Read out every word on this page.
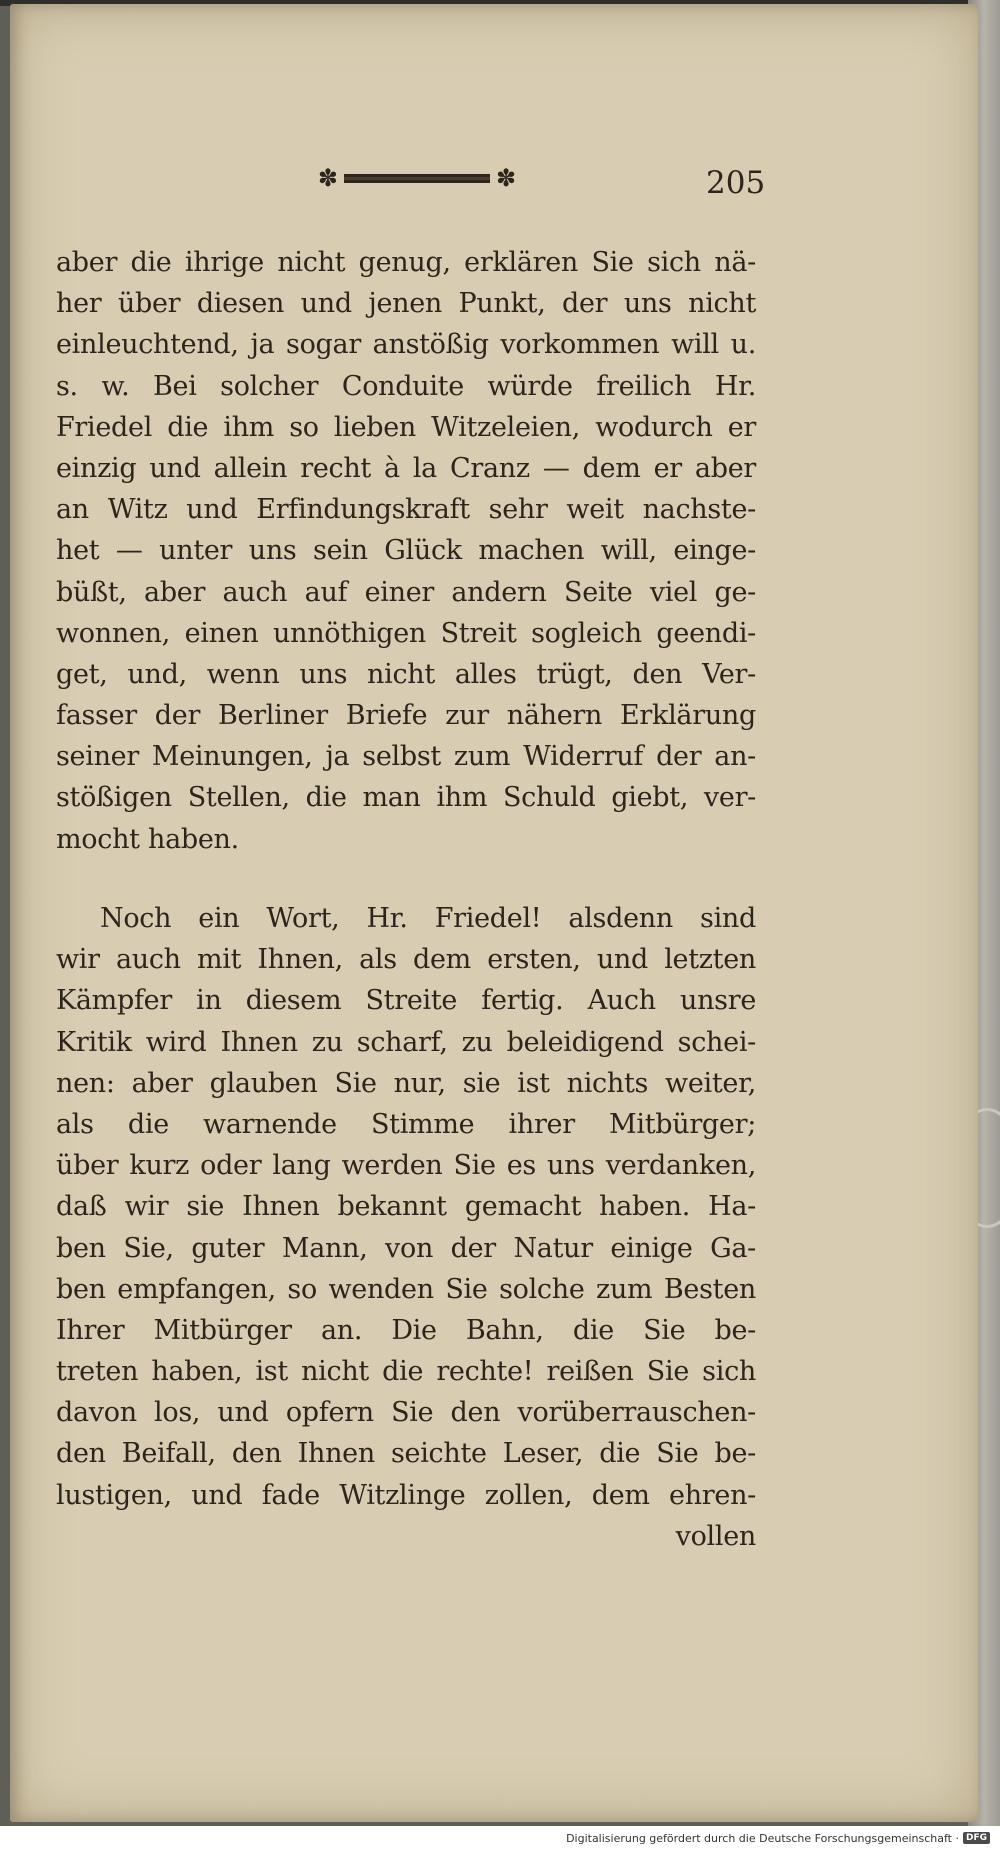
✽	✽	205
aber die ihrige nicht genug, erklären Sie sich nä-
her über diesen und jenen Punkt, der uns nicht
einleuchtend, ja sogar anstößig vorkommen will u.
s. w. Bei solcher Conduite würde freilich Hr.
Friedel die ihm so lieben Witzeleien, wodurch er
einzig und allein recht à la Cranz — dem er aber
an Witz und Erfindungskraft sehr weit nachste-
het — unter uns sein Glück machen will, einge-
büßt, aber auch auf einer andern Seite viel ge-
wonnen, einen unnöthigen Streit sogleich geendi-
get, und, wenn uns nicht alles trügt, den Ver-
fasser der Berliner Briefe zur nähern Erklärung
seiner Meinungen, ja selbst zum Widerruf der an-
stößigen Stellen, die man ihm Schuld giebt, ver-
mocht haben.
Noch ein Wort, Hr. Friedel! alsdenn sind
wir auch mit Ihnen, als dem ersten, und letzten
Kämpfer in diesem Streite fertig. Auch unsre
Kritik wird Ihnen zu scharf, zu beleidigend schei-
nen: aber glauben Sie nur, sie ist nichts weiter,
als die warnende Stimme ihrer Mitbürger;
über kurz oder lang werden Sie es uns verdanken,
daß wir sie Ihnen bekannt gemacht haben. Ha-
ben Sie, guter Mann, von der Natur einige Ga-
ben empfangen, so wenden Sie solche zum Besten
Ihrer Mitbürger an. Die Bahn, die Sie be-
treten haben, ist nicht die rechte! reißen Sie sich
davon los, und opfern Sie den vorüberrauschen-
den Beifall, den Ihnen seichte Leser, die Sie be-
lustigen, und fade Witzlinge zollen, dem ehren-
vollen
Digitalisierung gefördert durch die Deutsche Forschungsgemeinschaft · DFG
